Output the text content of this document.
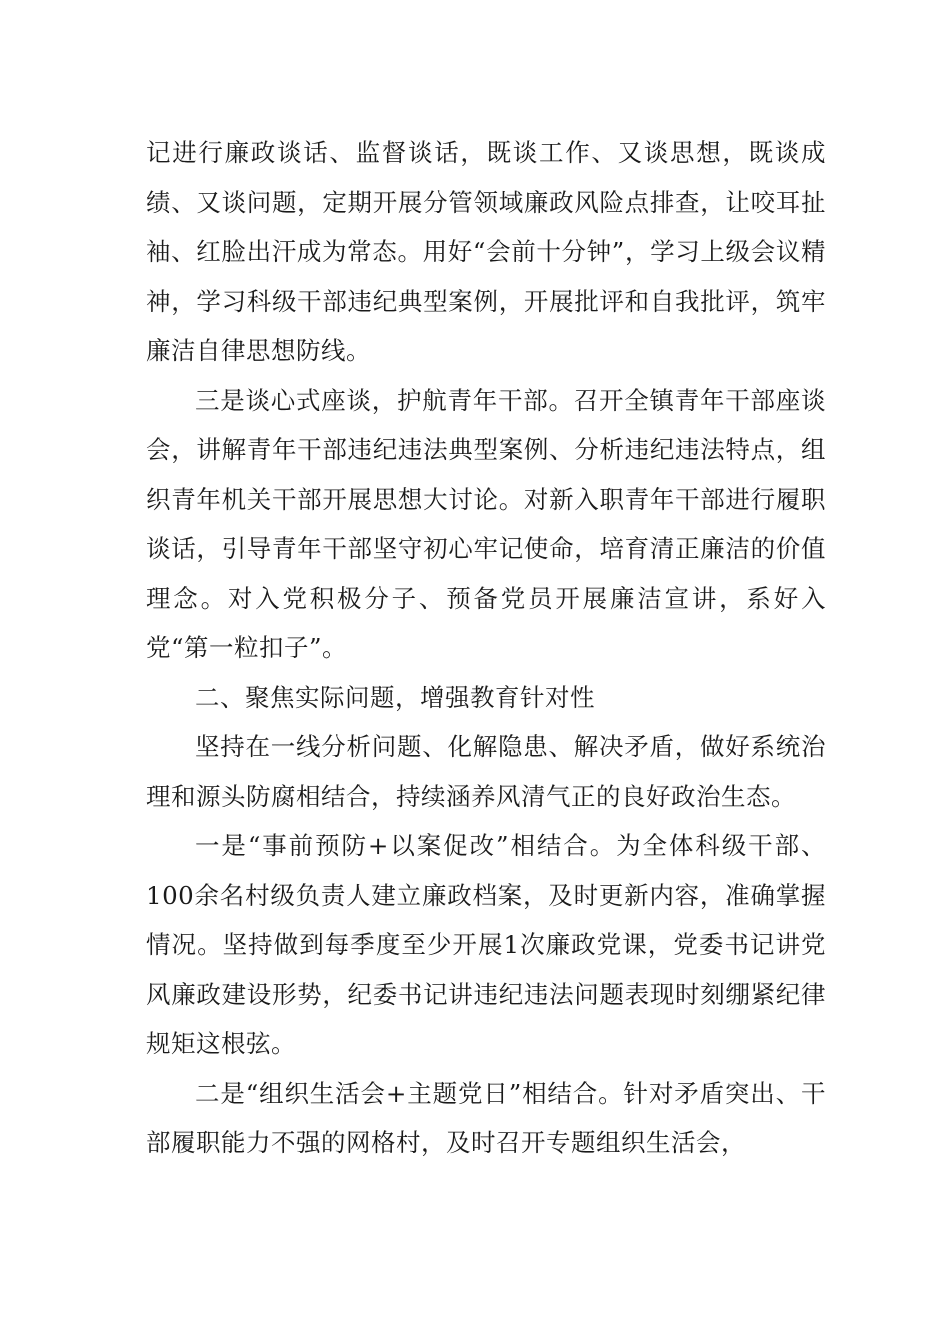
记进行廉政谈话、监督谈话，既谈工作、又谈思想，既谈成绩、又谈问题，定期开展分管领域廉政风险点排查，让咬耳扯袖、红脸出汗成为常态。用好“会前十分钟”，学习上级会议精神，学习科级干部违纪典型案例，开展批评和自我批评，筑牢廉洁自律思想防线。

三是谈心式座谈，护航青年干部。召开全镇青年干部座谈会，讲解青年干部违纪违法典型案例、分析违纪违法特点，组织青年机关干部开展思想大讨论。对新入职青年干部进行履职谈话，引导青年干部坚守初心牢记使命，培育清正廉洁的价值理念。对入党积极分子、预备党员开展廉洁宣讲，系好入党“第一粒扣子”。

二、聚焦实际问题，增强教育针对性

坚持在一线分析问题、化解隐患、解决矛盾，做好系统治理和源头防腐相结合，持续涵养风清气正的良好政治生态。

一是“事前预防+以案促改”相结合。为全体科级干部、100余名村级负责人建立廉政档案，及时更新内容，准确掌握情况。坚持做到每季度至少开展1次廉政党课，党委书记讲党风廉政建设形势，纪委书记讲违纪违法问题表现时刻绷紧纪律规矩这根弦。

二是“组织生活会+主题党日”相结合。针对矛盾突出、干部履职能力不强的网格村，及时召开专题组织生活会，
